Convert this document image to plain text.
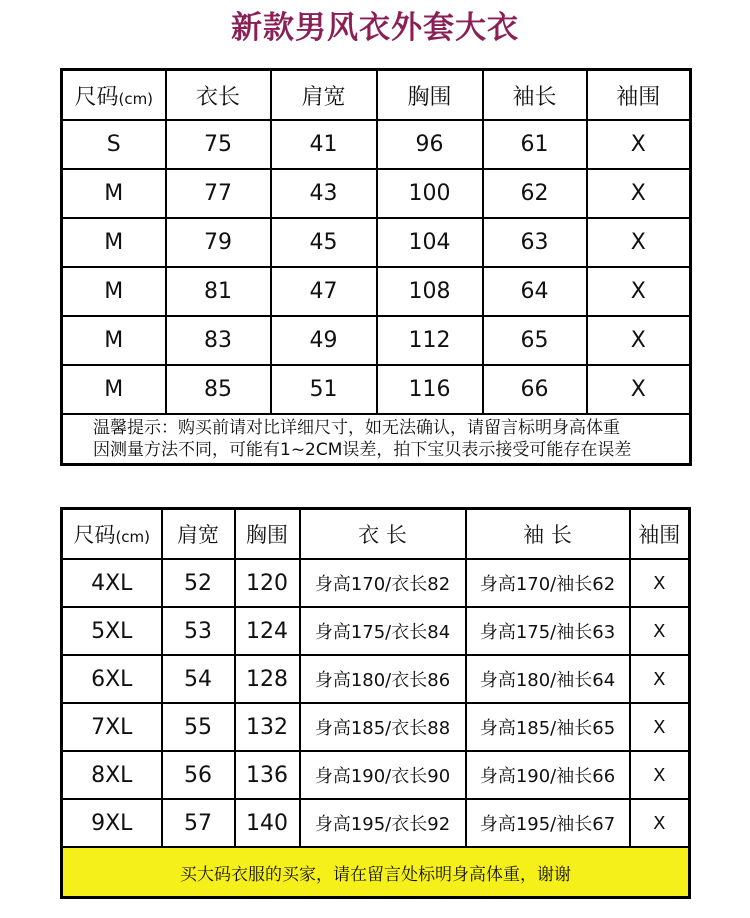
新款男风衣外套大衣
尺码(cm)	衣长	肩宽	胸围	袖长	袖围
S	75	41	96	61	X
M	77	43	100	62	X
M	79	45	104	63	X
M	81	47	108	64	X
M	83	49	112	65	X
M	85	51	116	66	X

温馨提示：购买前请对比详细尺寸，如无法确认，请留言标明身高体重
因测量方法不同，可能有1~2CM误差，拍下宝贝表示接受可能存在误差					
尺码(cm)	肩宽	胸围	衣 长	袖 长	袖围
4XL	52	120	身高170/衣长82	身高170/袖长62	X
5XL	53	124	身高175/衣长84	身高175/袖长63	X
6XL	54	128	身高180/衣长86	身高180/袖长64	X
7XL	55	132	身高185/衣长88	身高185/袖长65	X
8XL	56	136	身高190/衣长90	身高190/袖长66	X
9XL	57	140	身高195/衣长92	身高195/袖长67	X
买大码衣服的买家，请在留言处标明身高体重，谢谢					
